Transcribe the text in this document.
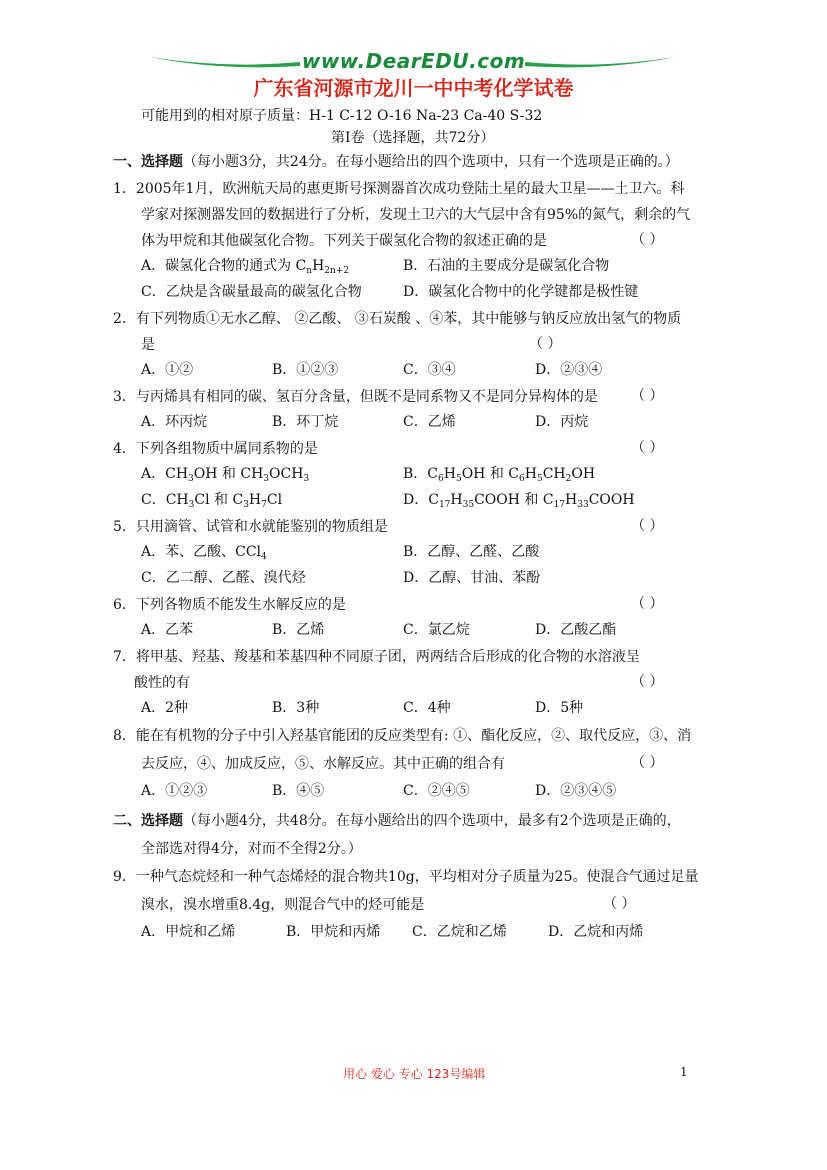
www.DearEDU.com
广东省河源市龙川一中中考化学试卷
可能用到的相对原子质量：H-1 C-12 O-16 Na-23 Ca-40 S-32
第Ⅰ卷（选择题，共72分）
一、选择题（每小题3分，共24分。在每小题给出的四个选项中，只有一个选项是正确的。）
1．2005年1月，欧洲航天局的惠更斯号探测器首次成功登陆土星的最大卫星——土卫六。科
学家对探测器发回的数据进行了分析，发现土卫六的大气层中含有95%的氮气，剩余的气
体为甲烷和其他碳氢化合物。下列关于碳氢化合物的叙述正确的是	（ ）
A．碳氢化合物的通式为 $C_nH_{2n+2}$	B．石油的主要成分是碳氢化合物
C．乙炔是含碳量最高的碳氢化合物	D．碳氢化合物中的化学键都是极性键
2．有下列物质①无水乙醇、 ②乙酸、 ③石炭酸 、④苯，其中能够与钠反应放出氢气的物质
是	（ ）
A．①②	B．①②③	C．③④	D．②③④
3．与丙烯具有相同的碳、氢百分含量，但既不是同系物又不是同分异构体的是 （ ）
A．环丙烷	B．环丁烷	C．乙烯	D．丙烷
4．下列各组物质中属同系物的是	（ ）
A．$CH_3OH$ 和 $CH_3OCH_3$	B．$C_6H_5OH$ 和 $C_6H_5CH_2OH$
C．$CH_3Cl$ 和 $C_3H_7Cl$	D．$C_{17}H_{35}COOH$ 和 $C_{17}H_{33}COOH$
5．只用滴管、试管和水就能鉴别的物质组是	（ ）
A．苯、乙酸、CCl$_4$	B．乙醇、乙醛、乙酸
C．乙二醇、乙醛、溴代烃	D．乙醇、甘油、苯酚
6．下列各物质不能发生水解反应的是	（ ）
A．乙苯	B．乙烯	C．氯乙烷	D．乙酸乙酯
7．将甲基、羟基、羧基和苯基四种不同原子团，两两结合后形成的化合物的水溶液呈
酸性的有	（ ）
A．2种	B．3种	C．4种	D．5种
8．能在有机物的分子中引入羟基官能团的反应类型有: ①、酯化反应，②、取代反应，③、消
去反应，④、加成反应，⑤、水解反应。其中正确的组合有	（ ）
A．①②③	B．④⑤	C．②④⑤	D．②③④⑤
二、选择题（每小题4分，共48分。在每小题给出的四个选项中，最多有2个选项是正确的，
全部选对得4分，对而不全得2分。）
9．一种气态烷烃和一种气态烯烃的混合物共10g，平均相对分子质量为25。使混合气通过足量
溴水，溴水增重8.4g，则混合气中的烃可能是	（ ）
A．甲烷和乙烯	B．甲烷和丙烯 C．乙烷和乙烯	D．乙烷和丙烯
用心 爱心 专心 123号编辑	1
